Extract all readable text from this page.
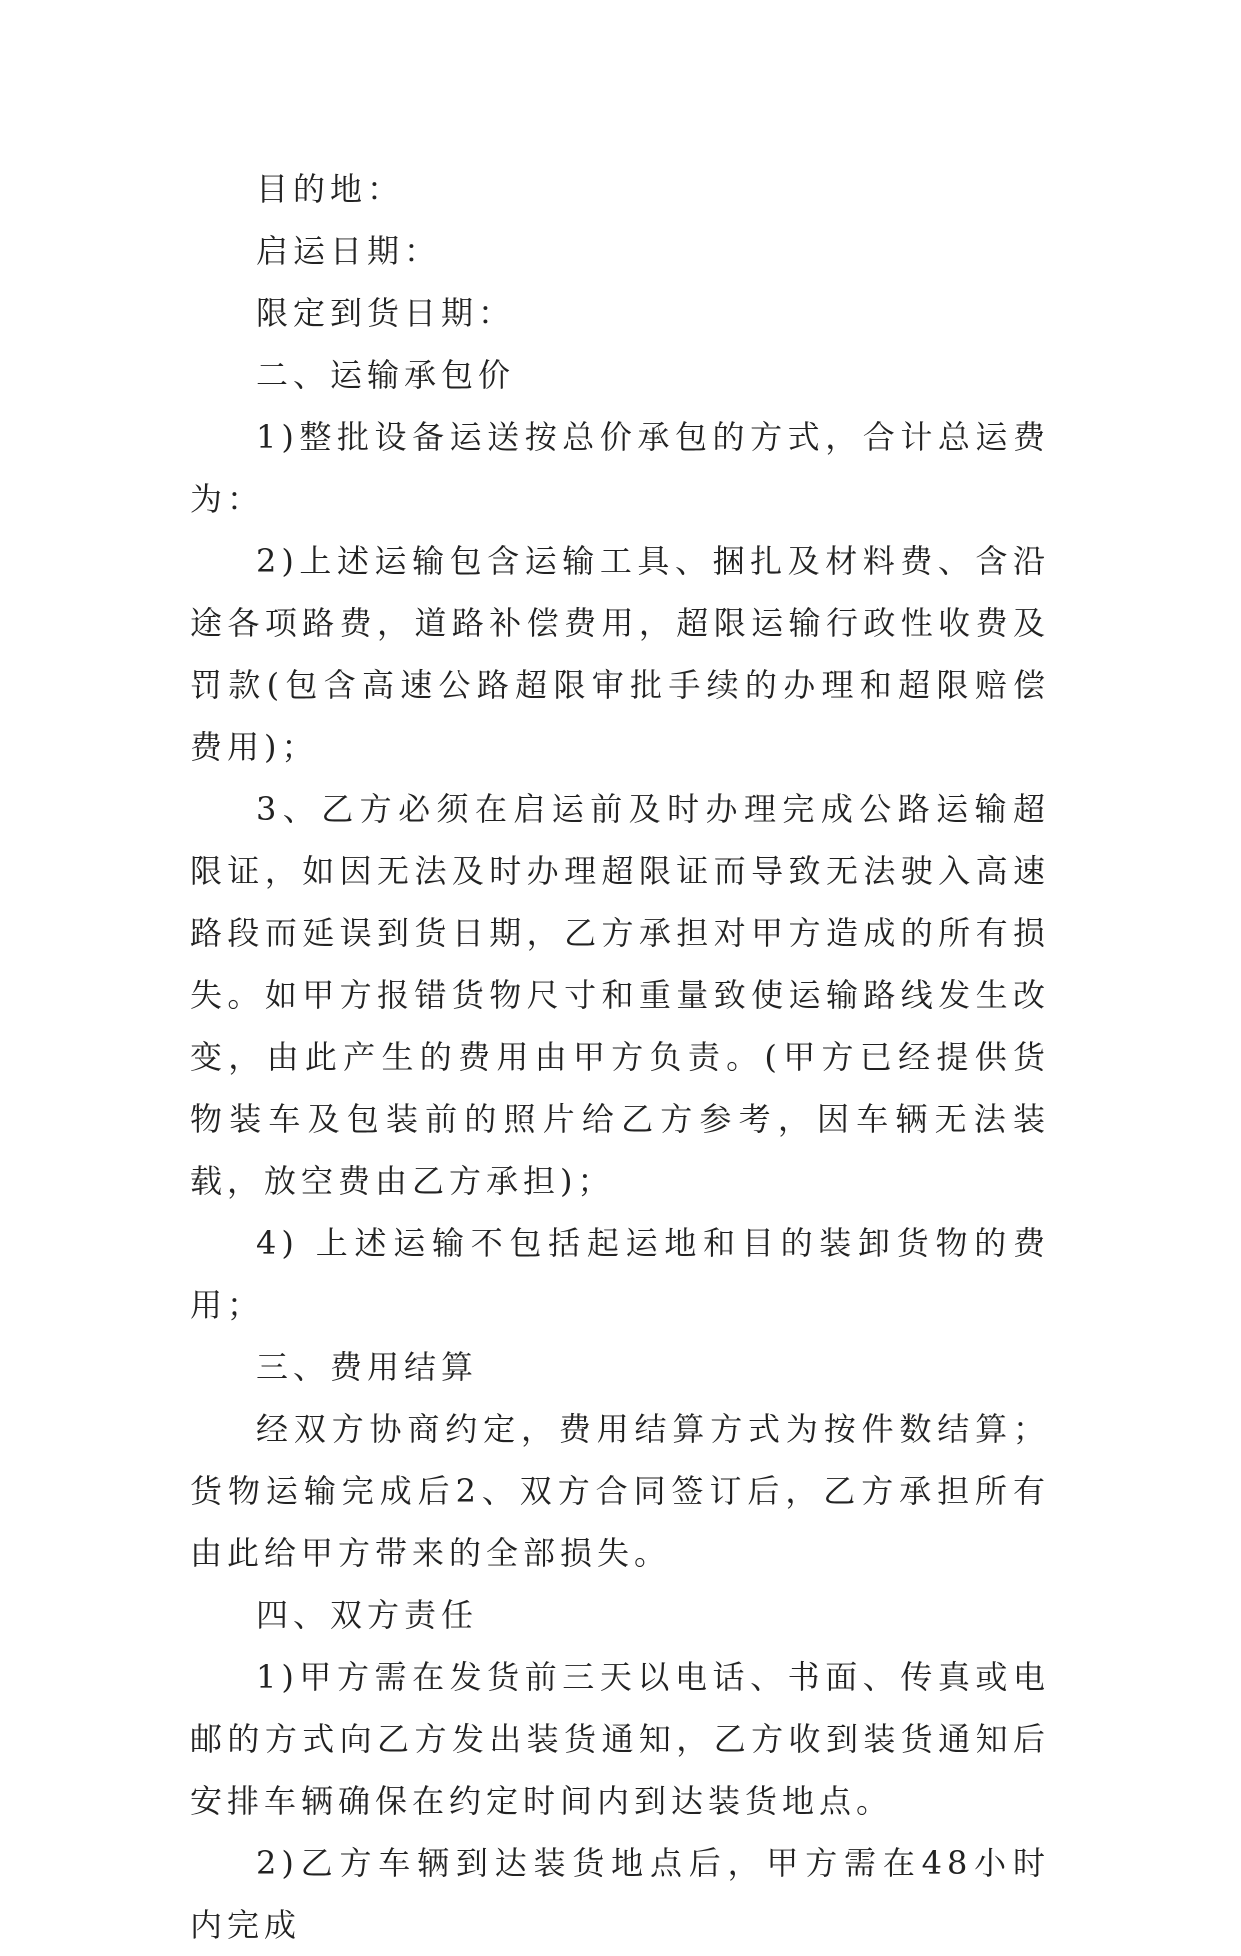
目的地：

启运日期：

限定到货日期：

二、运输承包价

1)整批设备运送按总价承包的方式，合计总运费为：

2)上述运输包含运输工具、捆扎及材料费、含沿途各项路费，道路补偿费用，超限运输行政性收费及罚款(包含高速公路超限审批手续的办理和超限赔偿费用)；

3、乙方必须在启运前及时办理完成公路运输超限证，如因无法及时办理超限证而导致无法驶入高速路段而延误到货日期，乙方承担对甲方造成的所有损失。如甲方报错货物尺寸和重量致使运输路线发生改变，由此产生的费用由甲方负责。(甲方已经提供货物装车及包装前的照片给乙方参考，因车辆无法装载，放空费由乙方承担)；

4) 上述运输不包括起运地和目的装卸货物的费用；

三、费用结算

经双方协商约定，费用结算方式为按件数结算；货物运输完成后2、双方合同签订后，乙方承担所有由此给甲方带来的全部损失。

四、双方责任

1)甲方需在发货前三天以电话、书面、传真或电邮的方式向乙方发出装货通知，乙方收到装货通知后安排车辆确保在约定时间内到达装货地点。

2)乙方车辆到达装货地点后，甲方需在48小时内完成
